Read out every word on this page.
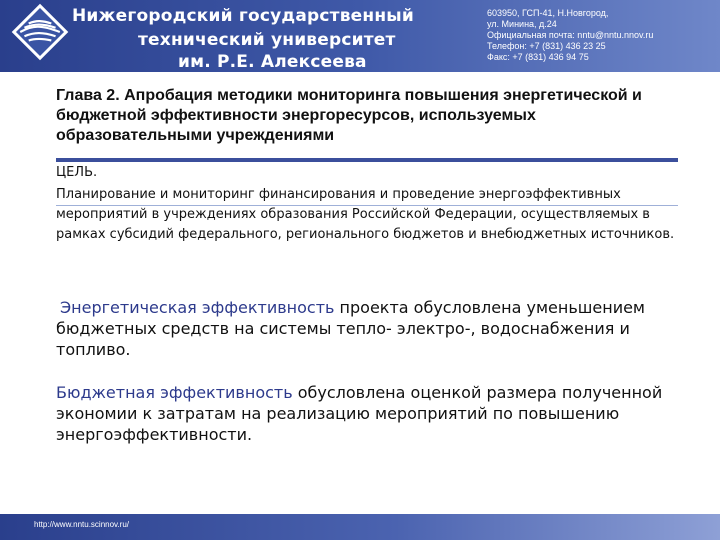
Нижегородский государственный
технический университет
им. Р.Е. Алексеева
603950, ГСП-41, Н.Новгород,
ул. Минина, д.24
Официальная почта: nntu@nntu.nnov.ru
Телефон: +7 (831) 436 23 25
Факс: +7 (831) 436 94 75
Глава 2. Апробация методики мониторинга повышения энергетической и бюджетной эффективности энергоресурсов, используемых образовательными учреждениями
ЦЕЛЬ.
Планирование и мониторинг финансирования и проведение энергоэффективных мероприятий в учреждениях образования Российской Федерации, осуществляемых в рамках субсидий федерального, регионального бюджетов и внебюджетных источников.
Энергетическая эффективность проекта обусловлена уменьшением бюджетных средств на системы тепло- электро-, водоснабжения и топливо.
Бюджетная эффективность обусловлена оценкой размера полученной экономии к затратам на реализацию мероприятий по повышению энергоэффективности.
http://www.nntu.scinnov.ru/
